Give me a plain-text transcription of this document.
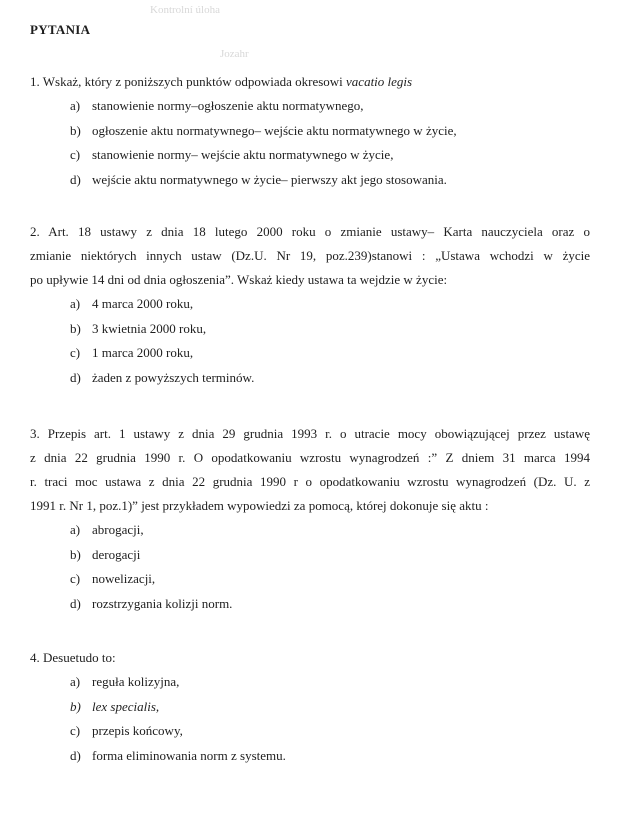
Kontrolní úloha
Jozahr
PYTANIA
1. Wskaż, który z poniższych punktów odpowiada okresowi vacatio legis
a) stanowienie normy–ogłoszenie aktu normatywnego,
b) ogłoszenie aktu normatywnego– wejście aktu normatywnego w życie,
c) stanowienie normy– wejście aktu normatywnego w życie,
d) wejście aktu normatywnego w życie– pierwszy akt jego stosowania.
2. Art. 18 ustawy z dnia 18 lutego 2000 roku o zmianie ustawy– Karta nauczyciela oraz o
zmianie niektórych innych ustaw (Dz.U. Nr 19, poz.239)stanowi : „Ustawa wchodzi w życie
po upływie 14 dni od dnia ogłoszenia”. Wskaż kiedy ustawa ta wejdzie w życie:
a) 4 marca 2000 roku,
b) 3 kwietnia 2000 roku,
c) 1 marca 2000 roku,
d) żaden z powyższych terminów.
3. Przepis art. 1 ustawy z dnia 29 grudnia 1993 r. o utracie mocy obowiązującej przez ustawę
z dnia 22 grudnia 1990 r. O opodatkowaniu wzrostu wynagrodzeń :” Z dniem 31 marca 1994
r. traci moc ustawa z dnia 22 grudnia 1990 r o opodatkowaniu wzrostu wynagrodzeń (Dz. U. z
1991 r. Nr 1, poz.1)” jest przykładem wypowiedzi za pomocą, której dokonuje się aktu :
a) abrogacji,
b) derogacji
c) nowelizacji,
d) rozstrzygania kolizji norm.
4. Desuetudo to:
a) reguła kolizyjna,
b) lex specialis,
c) przepis końcowy,
d) forma eliminowania norm z systemu.
